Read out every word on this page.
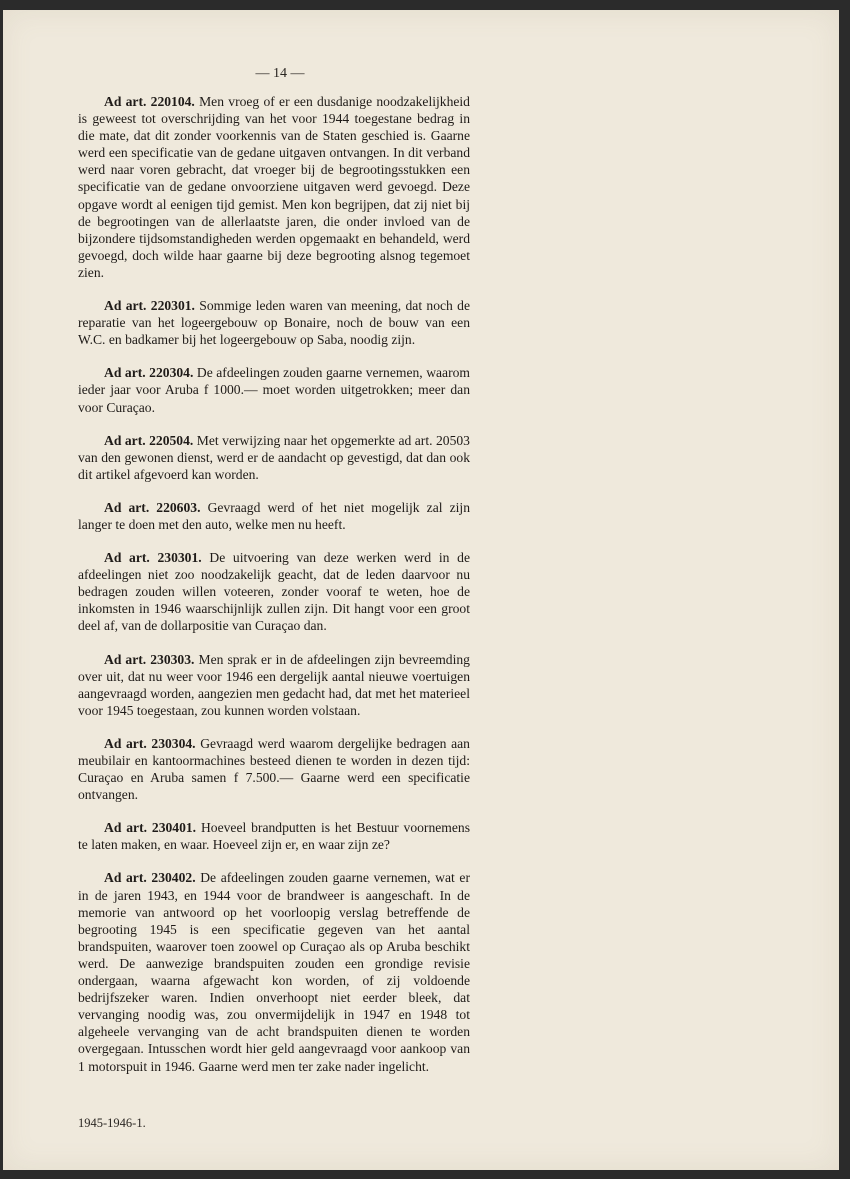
— 14 —

Ad art. 220104. Men vroeg of er een dusdanige noodzakelijkheid is geweest tot overschrijding van het voor 1944 toegestane bedrag in die mate, dat dit zonder voorkennis van de Staten geschied is. Gaarne werd een specificatie van de gedane uitgaven ontvangen. In dit verband werd naar voren gebracht, dat vroeger bij de begrootingsstukken een specificatie van de gedane onvoorziene uitgaven werd gevoegd. Deze opgave wordt al eenigen tijd gemist. Men kon begrijpen, dat zij niet bij de begrootingen van de allerlaatste jaren, die onder invloed van de bijzondere tijdsomstandigheden werden opgemaakt en behandeld, werd gevoegd, doch wilde haar gaarne bij deze begrooting alsnog tegemoet zien.

Ad art. 220301. Sommige leden waren van meening, dat noch de reparatie van het logeergebouw op Bonaire, noch de bouw van een W.C. en badkamer bij het logeergebouw op Saba, noodig zijn.

Ad art. 220304. De afdeelingen zouden gaarne vernemen, waarom ieder jaar voor Aruba f 1000.— moet worden uitgetrokken; meer dan voor Curaçao.

Ad art. 220504. Met verwijzing naar het opgemerkte ad art. 20503 van den gewonen dienst, werd er de aandacht op gevestigd, dat dan ook dit artikel afgevoerd kan worden.

Ad art. 220603. Gevraagd werd of het niet mogelijk zal zijn langer te doen met den auto, welke men nu heeft.

Ad art. 230301. De uitvoering van deze werken werd in de afdeelingen niet zoo noodzakelijk geacht, dat de leden daarvoor nu bedragen zouden willen voteeren, zonder vooraf te weten, hoe de inkomsten in 1946 waarschijnlijk zullen zijn. Dit hangt voor een groot deel af, van de dollarpositie van Curaçao dan.

Ad art. 230303. Men sprak er in de afdeelingen zijn bevreemding over uit, dat nu weer voor 1946 een dergelijk aantal nieuwe voertuigen aangevraagd worden, aangezien men gedacht had, dat met het materieel voor 1945 toegestaan, zou kunnen worden volstaan.

Ad art. 230304. Gevraagd werd waarom dergelijke bedragen aan meubilair en kantoormachines besteed dienen te worden in dezen tijd: Curaçao en Aruba samen f 7.500.— Gaarne werd een specificatie ontvangen.

Ad art. 230401. Hoeveel brandputten is het Bestuur voornemens te laten maken, en waar. Hoeveel zijn er, en waar zijn ze?

Ad art. 230402. De afdeelingen zouden gaarne vernemen, wat er in de jaren 1943, en 1944 voor de brandweer is aangeschaft. In de memorie van antwoord op het voorloopig verslag betreffende de begrooting 1945 is een specificatie gegeven van het aantal brandspuiten, waarover toen zoowel op Curaçao als op Aruba beschikt werd. De aanwezige brandspuiten zouden een grondige revisie ondergaan, waarna afgewacht kon worden, of zij voldoende bedrijfszeker waren. Indien onverhoopt niet eerder bleek, dat vervanging noodig was, zou onvermijdelijk in 1947 en 1948 tot algeheele vervanging van de acht brandspuiten dienen te worden overgegaan. Intusschen wordt hier geld aangevraagd voor aankoop van 1 motorspuit in 1946. Gaarne werd men ter zake nader ingelicht.

1945-1946-1.
